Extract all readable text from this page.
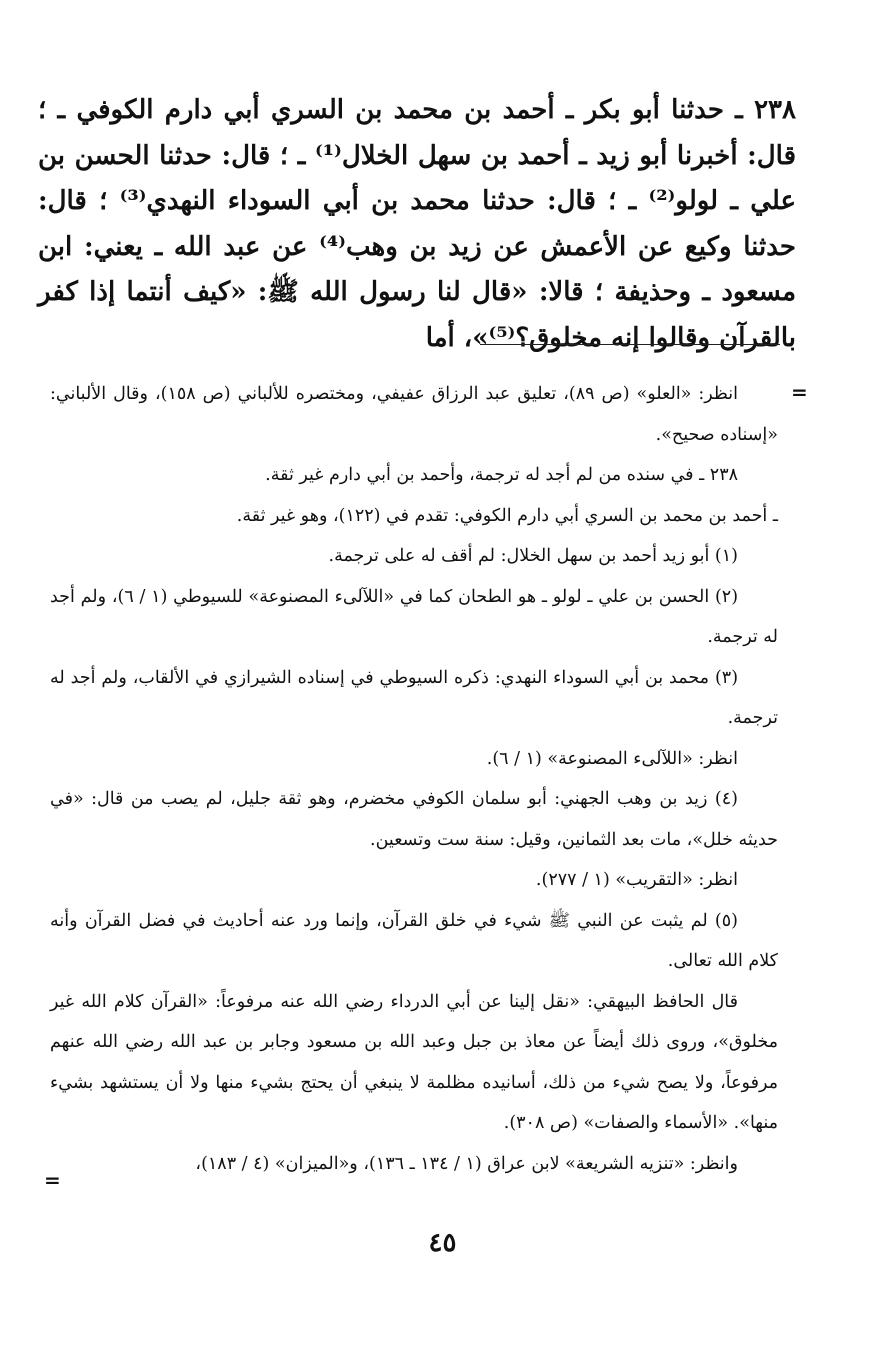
٢٣٨ ـ حدثنا أبو بكر ـ أحمد بن محمد بن السري أبي دارم الكوفي ـ ؛ قال: أخبرنا أبو زيد ـ أحمد بن سهل الخلال⁽¹⁾ ـ ؛ قال: حدثنا الحسن بن علي ـ لولو⁽²⁾ ـ ؛ قال: حدثنا محمد بن أبي السوداء النهدي⁽³⁾ ؛ قال: حدثنا وكيع عن الأعمش عن زيد بن وهب⁽⁴⁾ عن عبد الله ـ يعني: ابن مسعود ـ وحذيفة ؛ قالا: «قال لنا رسول الله ﷺ: «كيف أنتما إذا كفر بالقرآن وقالوا إنه مخلوق؟⁽⁵⁾»، أما

=

انظر: «العلو» (ص ٨٩)، تعليق عبد الرزاق عفيفي، ومختصره للألباني (ص ١٥٨)، وقال الألباني: «إسناده صحيح».

٢٣٨ ـ في سنده من لم أجد له ترجمة، وأحمد بن أبي دارم غير ثقة.

ـ أحمد بن محمد بن السري أبي دارم الكوفي: تقدم في (١٢٢)، وهو غير ثقة.

(١) أبو زيد أحمد بن سهل الخلال: لم أقف له على ترجمة.

(٢) الحسن بن علي ـ لولو ـ هو الطحان كما في «اللآلىء المصنوعة» للسيوطي (١ / ٦)، ولم أجد له ترجمة.

(٣) محمد بن أبي السوداء النهدي: ذكره السيوطي في إسناده الشيرازي في الألقاب، ولم أجد له ترجمة.

انظر: «اللآلىء المصنوعة» (١ / ٦).

(٤) زيد بن وهب الجهني: أبو سلمان الكوفي مخضرم، وهو ثقة جليل، لم يصب من قال: «في حديثه خلل»، مات بعد الثمانين، وقيل: سنة ست وتسعين.

انظر: «التقريب» (١ / ٢٧٧).

(٥) لم يثبت عن النبي ﷺ شيء في خلق القرآن، وإنما ورد عنه أحاديث في فضل القرآن وأنه كلام الله تعالى.

قال الحافظ البيهقي: «نقل إلينا عن أبي الدرداء رضي الله عنه مرفوعاً: «القرآن كلام الله غير مخلوق»، وروى ذلك أيضاً عن معاذ بن جبل وعبد الله بن مسعود وجابر بن عبد الله رضي الله عنهم مرفوعاً، ولا يصح شيء من ذلك، أسانيده مظلمة لا ينبغي أن يحتج بشيء منها ولا أن يستشهد بشيء منها». «الأسماء والصفات» (ص ٣٠٨).

وانظر: «تنزيه الشريعة» لابن عراق (١ / ١٣٤ ـ ١٣٦)، و«الميزان» (٤ / ١٨٣)،

=
٤٥
